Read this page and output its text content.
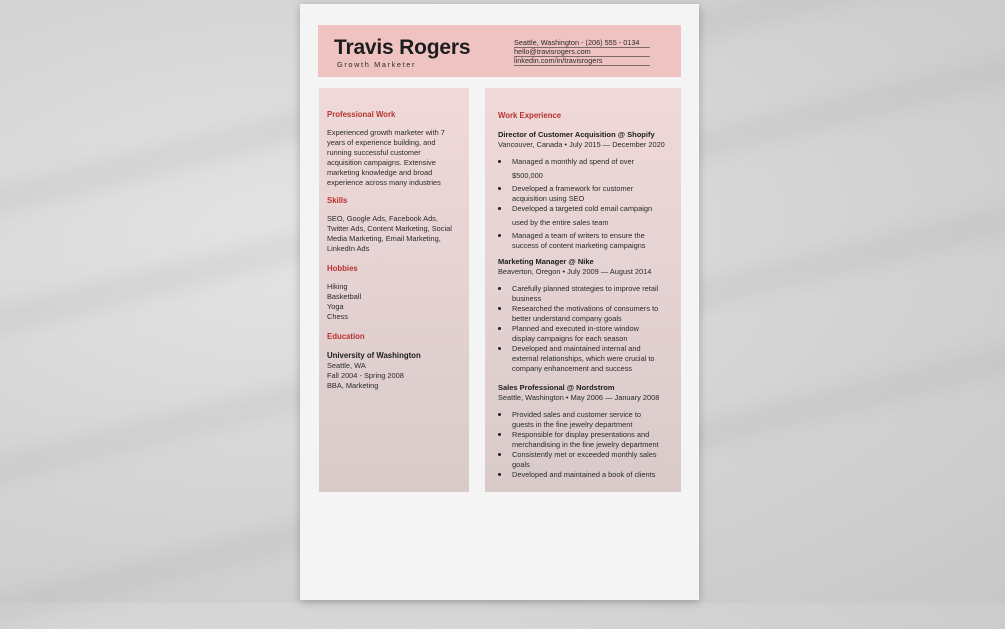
Travis Rogers
Growth Marketer
Seattle, Washington - (206) 555 - 0134
hello@travisrogers.com
linkedin.com/in/travisrogers
Professional Work
Experienced growth marketer with 7
years of experience building, and
running successful customer
acquisition campaigns. Extensive
marketing knowledge and broad
experience across many industries
Skills
SEO, Google Ads, Facebook Ads,
Twitter Ads, Content Marketing, Social
Media Marketing, Email Marketing,
LinkedIn Ads
Hobbies
Hiking
Basketball
Yoga
Chess
Education
University of Washington
Seattle, WA
Fall 2004 - Spring 2008
BBA, Marketing
Work Experience
Director of Customer Acquisition @ Shopify
Vancouver, Canada • July 2015 — December 2020
Managed a monthly ad spend of over
$500,000
Developed a framework for customer
acquisition using SEO
Developed a targeted cold email campaign
used by the entire sales team
Managed a team of writers to ensure the
success of content marketing campaigns
Marketing Manager @ Nike
Beaverton, Oregon • July 2009 — August 2014
Carefully planned strategies to improve retail
business
Researched the motivations of consumers to
better understand company goals
Planned and executed in-store window
display campaigns for each season
Developed and maintained internal and
external relationships, which were crucial to
company enhancement and success
Sales Professional @ Nordstrom
Seattle, Washington • May 2006 — January 2008
Provided sales and customer service to
guests in the fine jewelry department
Responsible for display presentations and
merchandising in the fine jewelry department
Consistently met or exceeded monthly sales
goals
Developed and maintained a book of clients
